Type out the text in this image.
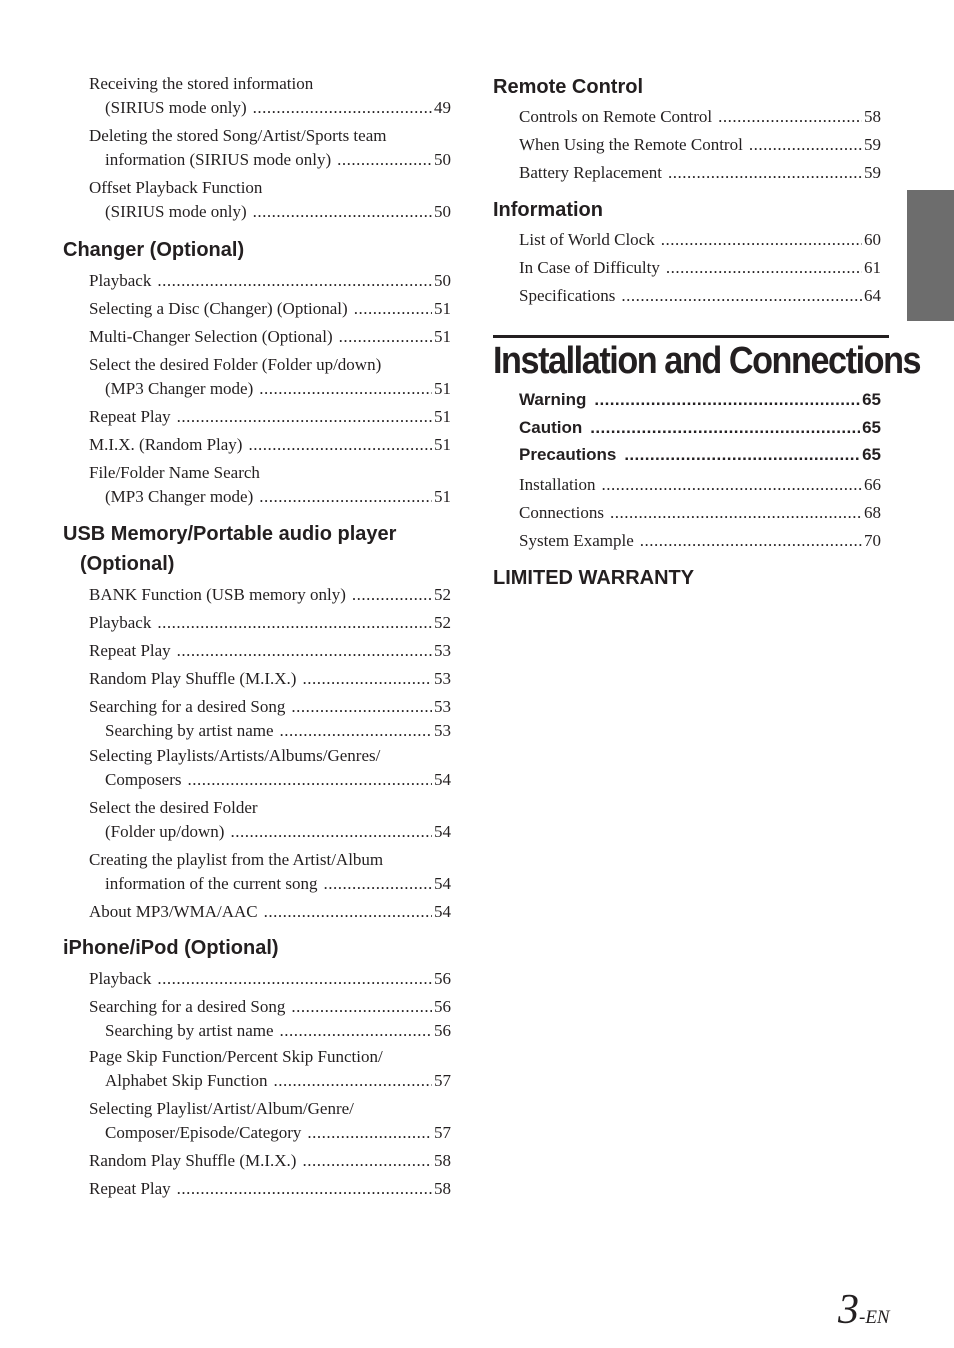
Receiving the stored information
(SIRIUS mode only) .....	49
Deleting the stored Song/Artist/Sports team
information (SIRIUS mode only) .....	50
Offset Playback Function
(SIRIUS mode only) .....	50
Changer (Optional)
Playback .....	50
Selecting a Disc (Changer) (Optional) .....	51
Multi-Changer Selection (Optional) .....	51
Select the desired Folder (Folder up/down)
(MP3 Changer mode) .....	51
Repeat Play .....	51
M.I.X. (Random Play) .....	51
File/Folder Name Search
(MP3 Changer mode) .....	51
USB Memory/Portable audio player (Optional)
BANK Function (USB memory only) .....	52
Playback .....	52
Repeat Play .....	53
Random Play Shuffle (M.I.X.) .....	53
Searching for a desired Song .....	53
Searching by artist name .....	53
Selecting Playlists/Artists/Albums/Genres/
Composers .....	54
Select the desired Folder
(Folder up/down) .....	54
Creating the playlist from the Artist/Album
information of the current song .....	54
About MP3/WMA/AAC .....	54
iPhone/iPod (Optional)
Playback .....	56
Searching for a desired Song .....	56
Searching by artist name .....	56
Page Skip Function/Percent Skip Function/
Alphabet Skip Function .....	57
Selecting Playlist/Artist/Album/Genre/
Composer/Episode/Category .....	57
Random Play Shuffle (M.I.X.) .....	58
Repeat Play .....	58
Remote Control
Controls on Remote Control .....	58
When Using the Remote Control .....	59
Battery Replacement .....	59
Information
List of World Clock .....	60
In Case of Difficulty .....	61
Specifications .....	64
Installation and Connections
Warning .....	65
Caution .....	65
Precautions .....	65
Installation .....	66
Connections .....	68
System Example .....	70
LIMITED WARRANTY
3-EN
